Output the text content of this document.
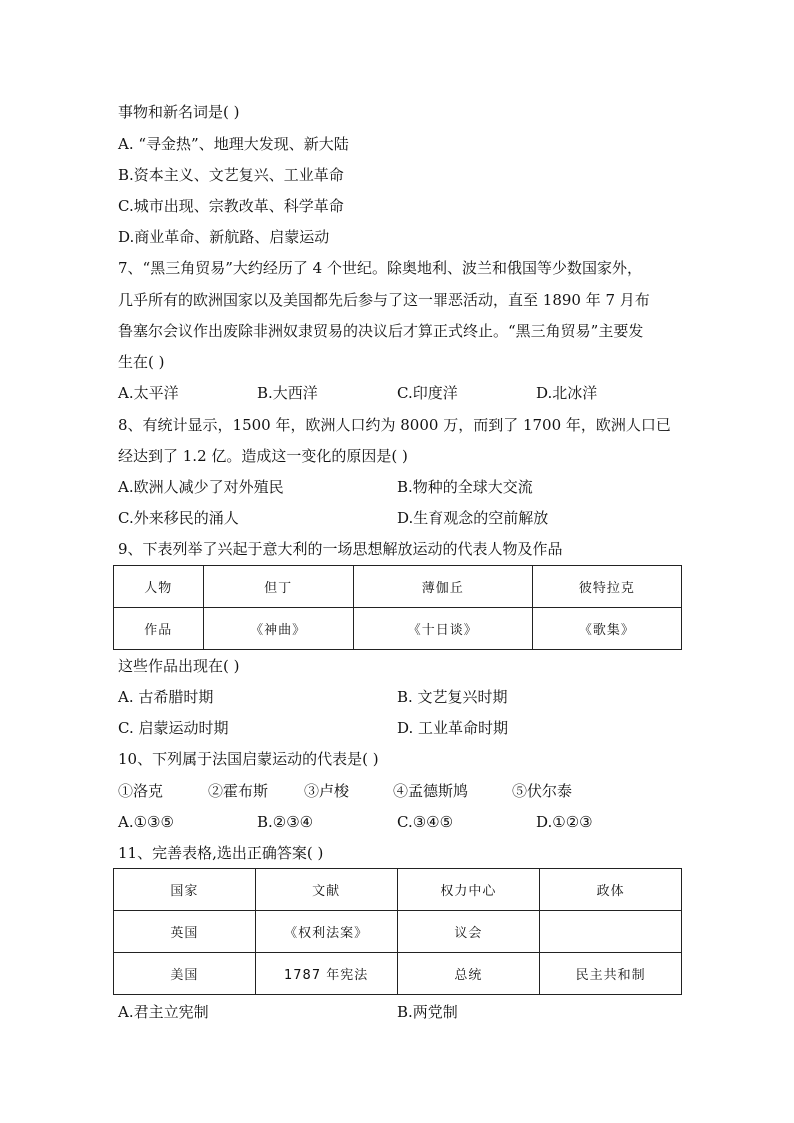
事物和新名词是( )
A. “寻金热”、地理大发现、新大陆
B.资本主义、文艺复兴、工业革命
C.城市出现、宗教改革、科学革命
D.商业革命、新航路、启蒙运动
7、“黑三角贸易”大约经历了 4 个世纪。除奥地利、波兰和俄国等少数国家外，
几乎所有的欧洲国家以及美国都先后参与了这一罪恶活动，直至 1890 年 7 月布
鲁塞尔会议作出废除非洲奴隶贸易的决议后才算正式终止。“黑三角贸易”主要发
生在( )
A.太平洋	B.大西洋	C.印度洋	D.北冰洋
8、有统计显示，1500 年，欧洲人口约为 8000 万，而到了 1700 年，欧洲人口已
经达到了 1.2 亿。造成这一变化的原因是( )
A.欧洲人减少了对外殖民	B.物种的全球大交流
C.外来移民的涌人	D.生育观念的空前解放
9、下表列举了兴起于意大利的一场思想解放运动的代表人物及作品
人物	但丁	薄伽丘	彼特拉克
作品	《神曲》	《十日谈》	《歌集》
这些作品出现在( )
A. 古希腊时期	B. 文艺复兴时期
C. 启蒙运动时期	D. 工业革命时期
10、下列属于法国启蒙运动的代表是( )
①洛克	②霍布斯 ③卢梭	④孟德斯鸠	⑤伏尔泰
A.①③⑤	B.②③④	C.③④⑤	D.①②③
11、完善表格,选出正确答案( )
国家	文献	权力中心	政体
英国	《权利法案》	议会	
美国	1787 年宪法	总统	民主共和制
A.君主立宪制	B.两党制
